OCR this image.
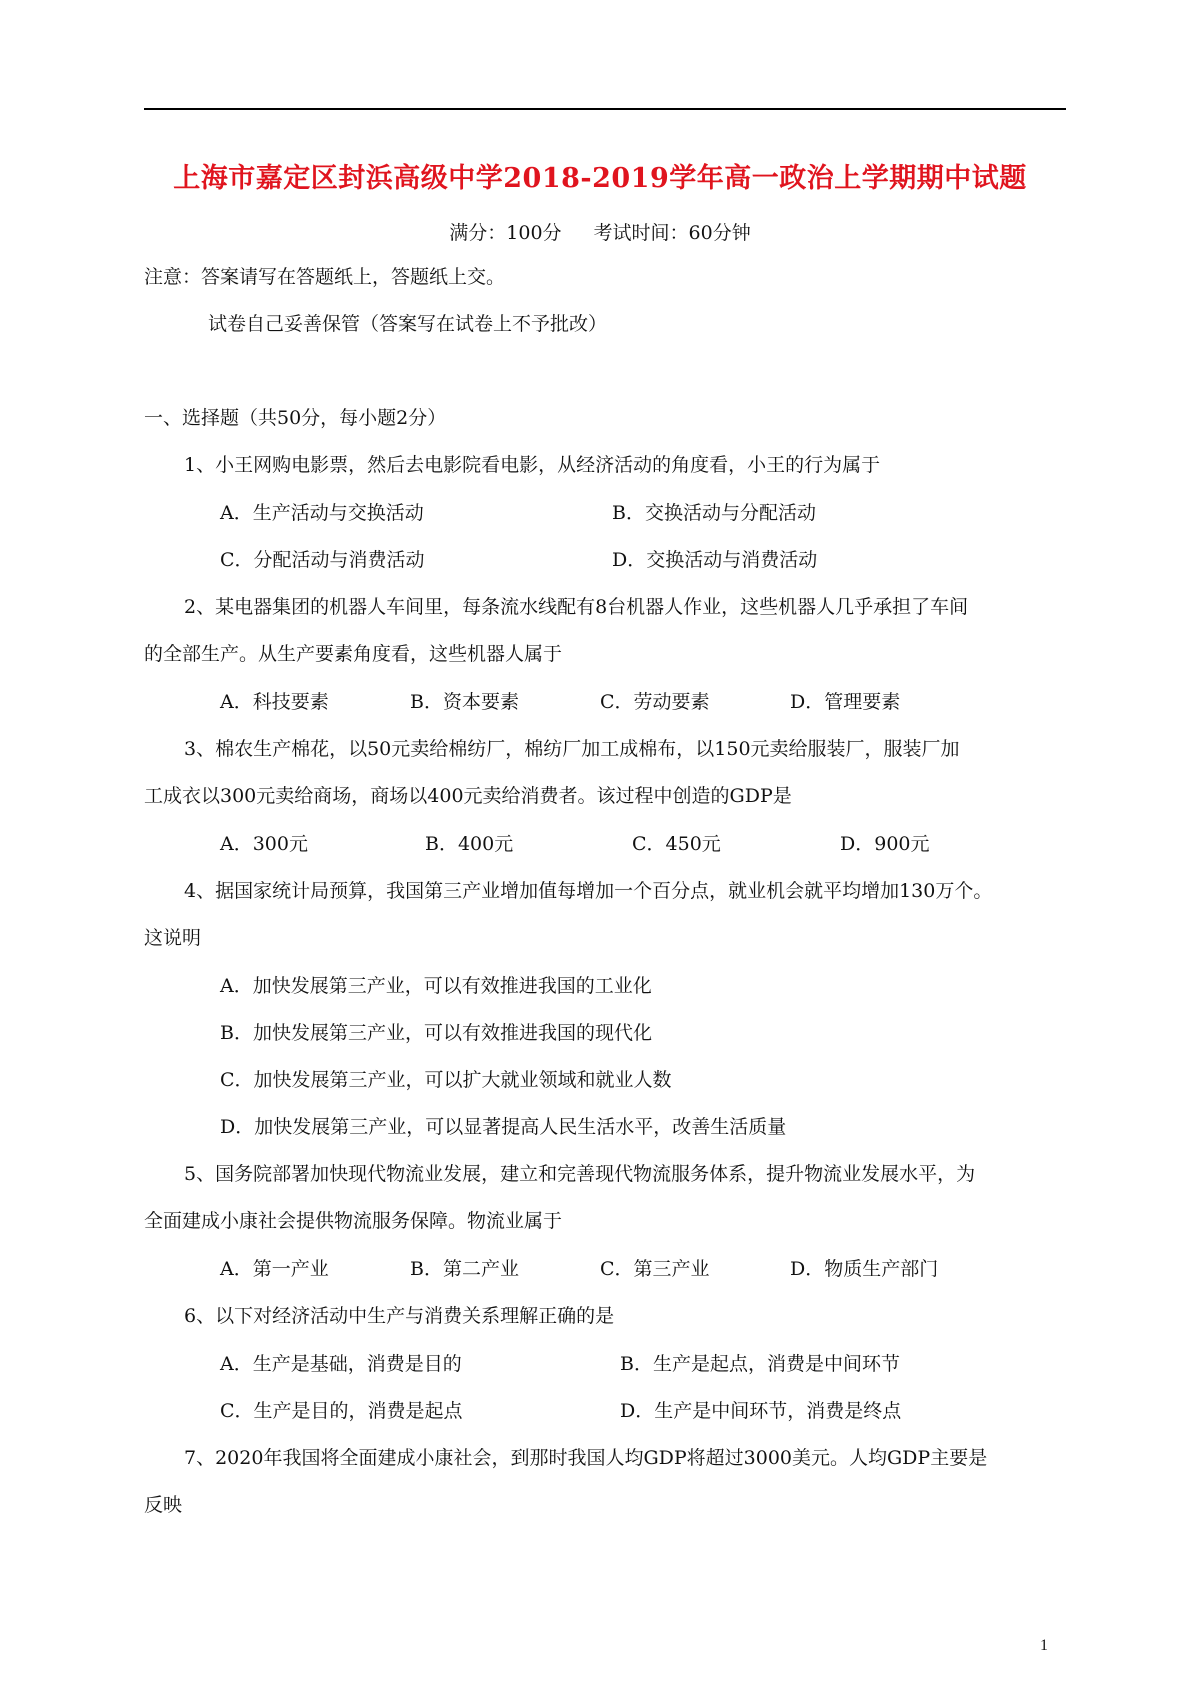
上海市嘉定区封浜高级中学2018-2019学年高一政治上学期期中试题
满分：100分 考试时间：60分钟
注意：答案请写在答题纸上，答题纸上交。
试卷自己妥善保管（答案写在试卷上不予批改）
一、选择题（共50分，每小题2分）
1、小王网购电影票，然后去电影院看电影，从经济活动的角度看，小王的行为属于
A．生产活动与交换活动	B．交换活动与分配活动
C．分配活动与消费活动	D．交换活动与消费活动
2、某电器集团的机器人车间里，每条流水线配有8台机器人作业，这些机器人几乎承担了车间
的全部生产。从生产要素角度看，这些机器人属于
A．科技要素	B．资本要素	C．劳动要素	D．管理要素
3、棉农生产棉花，以50元卖给棉纺厂，棉纺厂加工成棉布，以150元卖给服装厂，服装厂加
工成衣以300元卖给商场，商场以400元卖给消费者。该过程中创造的GDP是
A．300元	B．400元	C．450元	D．900元
4、据国家统计局预算，我国第三产业增加值每增加一个百分点，就业机会就平均增加130万个。
这说明
A．加快发展第三产业，可以有效推进我国的工业化
B．加快发展第三产业，可以有效推进我国的现代化
C．加快发展第三产业，可以扩大就业领域和就业人数
D．加快发展第三产业，可以显著提高人民生活水平，改善生活质量
5、国务院部署加快现代物流业发展，建立和完善现代物流服务体系，提升物流业发展水平，为
全面建成小康社会提供物流服务保障。物流业属于
A．第一产业	B．第二产业	C．第三产业	D．物质生产部门
6、以下对经济活动中生产与消费关系理解正确的是
A．生产是基础，消费是目的	B．生产是起点，消费是中间环节
C．生产是目的，消费是起点	D．生产是中间环节，消费是终点
7、2020年我国将全面建成小康社会，到那时我国人均GDP将超过3000美元。人均GDP主要是
反映
1
